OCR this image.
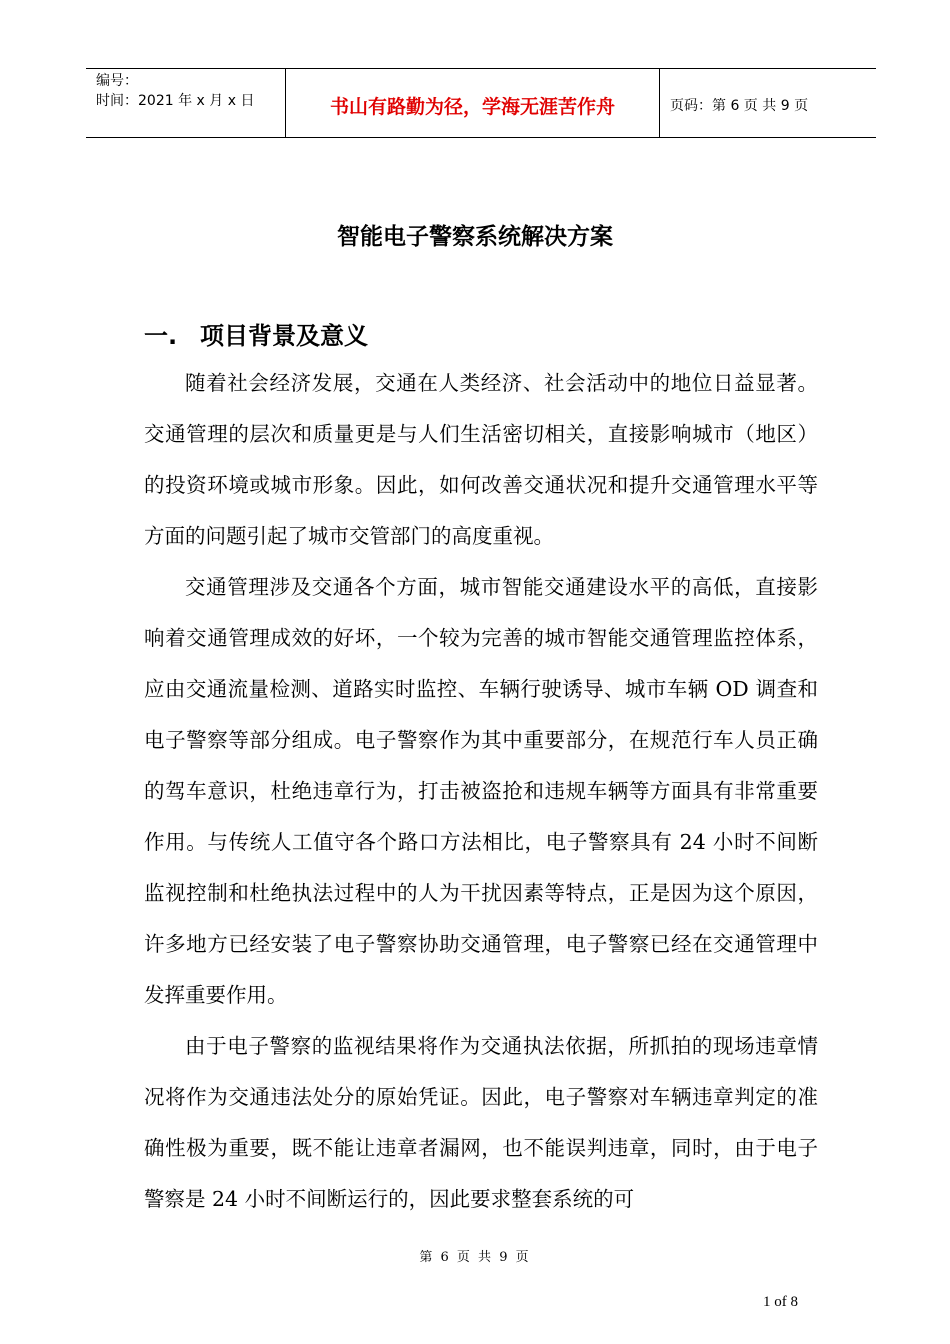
编号：
时间：2021 年 x 月 x 日	书山有路勤为径，学海无涯苦作舟	页码：第 6 页 共 9 页
智能电子警察系统解决方案
一. 项目背景及意义

随着社会经济发展，交通在人类经济、社会活动中的地位日益显著。交通管理的层次和质量更是与人们生活密切相关，直接影响城市（地区）的投资环境或城市形象。因此，如何改善交通状况和提升交通管理水平等方面的问题引起了城市交管部门的高度重视。

交通管理涉及交通各个方面，城市智能交通建设水平的高低，直接影响着交通管理成效的好坏，一个较为完善的城市智能交通管理监控体系，应由交通流量检测、道路实时监控、车辆行驶诱导、城市车辆 OD 调查和电子警察等部分组成。电子警察作为其中重要部分，在规范行车人员正确的驾车意识，杜绝违章行为，打击被盗抢和违规车辆等方面具有非常重要作用。与传统人工值守各个路口方法相比，电子警察具有 24 小时不间断监视控制和杜绝执法过程中的人为干扰因素等特点，正是因为这个原因，许多地方已经安装了电子警察协助交通管理，电子警察已经在交通管理中发挥重要作用。

由于电子警察的监视结果将作为交通执法依据，所抓拍的现场违章情况将作为交通违法处分的原始凭证。因此，电子警察对车辆违章判定的准确性极为重要，既不能让违章者漏网，也不能误判违章，同时，由于电子警察是 24 小时不间断运行的，因此要求整套系统的可

第 6 页 共 9 页
1 of 8
